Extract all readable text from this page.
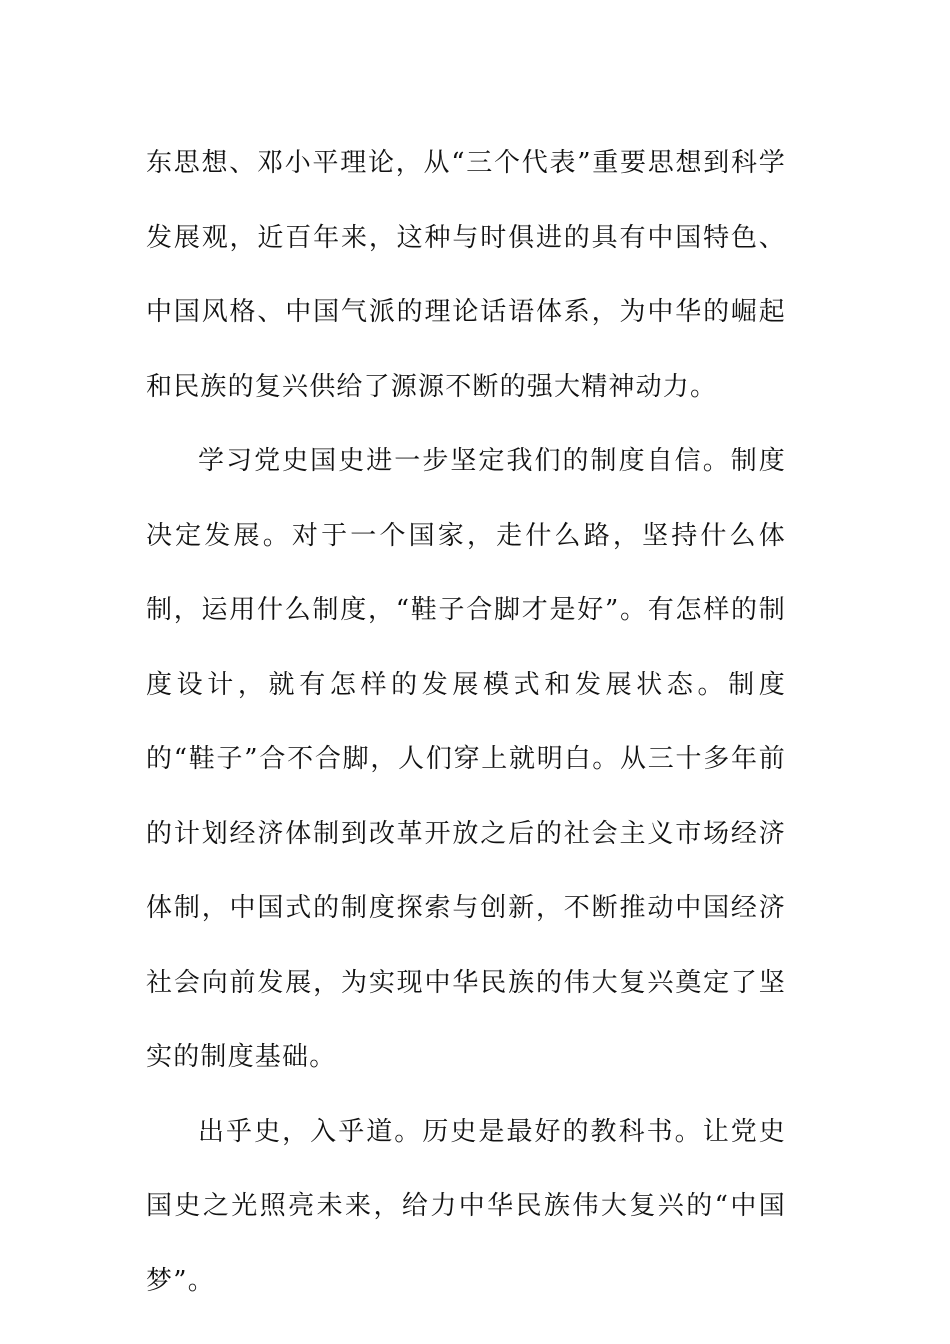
东思想、邓小平理论，从“三个代表”重要思想到科学发展观，近百年来，这种与时俱进的具有中国特色、中国风格、中国气派的理论话语体系，为中华的崛起和民族的复兴供给了源源不断的强大精神动力。

学习党史国史进一步坚定我们的制度自信。制度决定发展。对于一个国家，走什么路，坚持什么体制，运用什么制度，“鞋子合脚才是好”。有怎样的制度设计，就有怎样的发展模式和发展状态。制度的“鞋子”合不合脚，人们穿上就明白。从三十多年前的计划经济体制到改革开放之后的社会主义市场经济体制，中国式的制度探索与创新，不断推动中国经济社会向前发展，为实现中华民族的伟大复兴奠定了坚实的制度基础。

出乎史，入乎道。历史是最好的教科书。让党史国史之光照亮未来，给力中华民族伟大复兴的“中国梦”。
